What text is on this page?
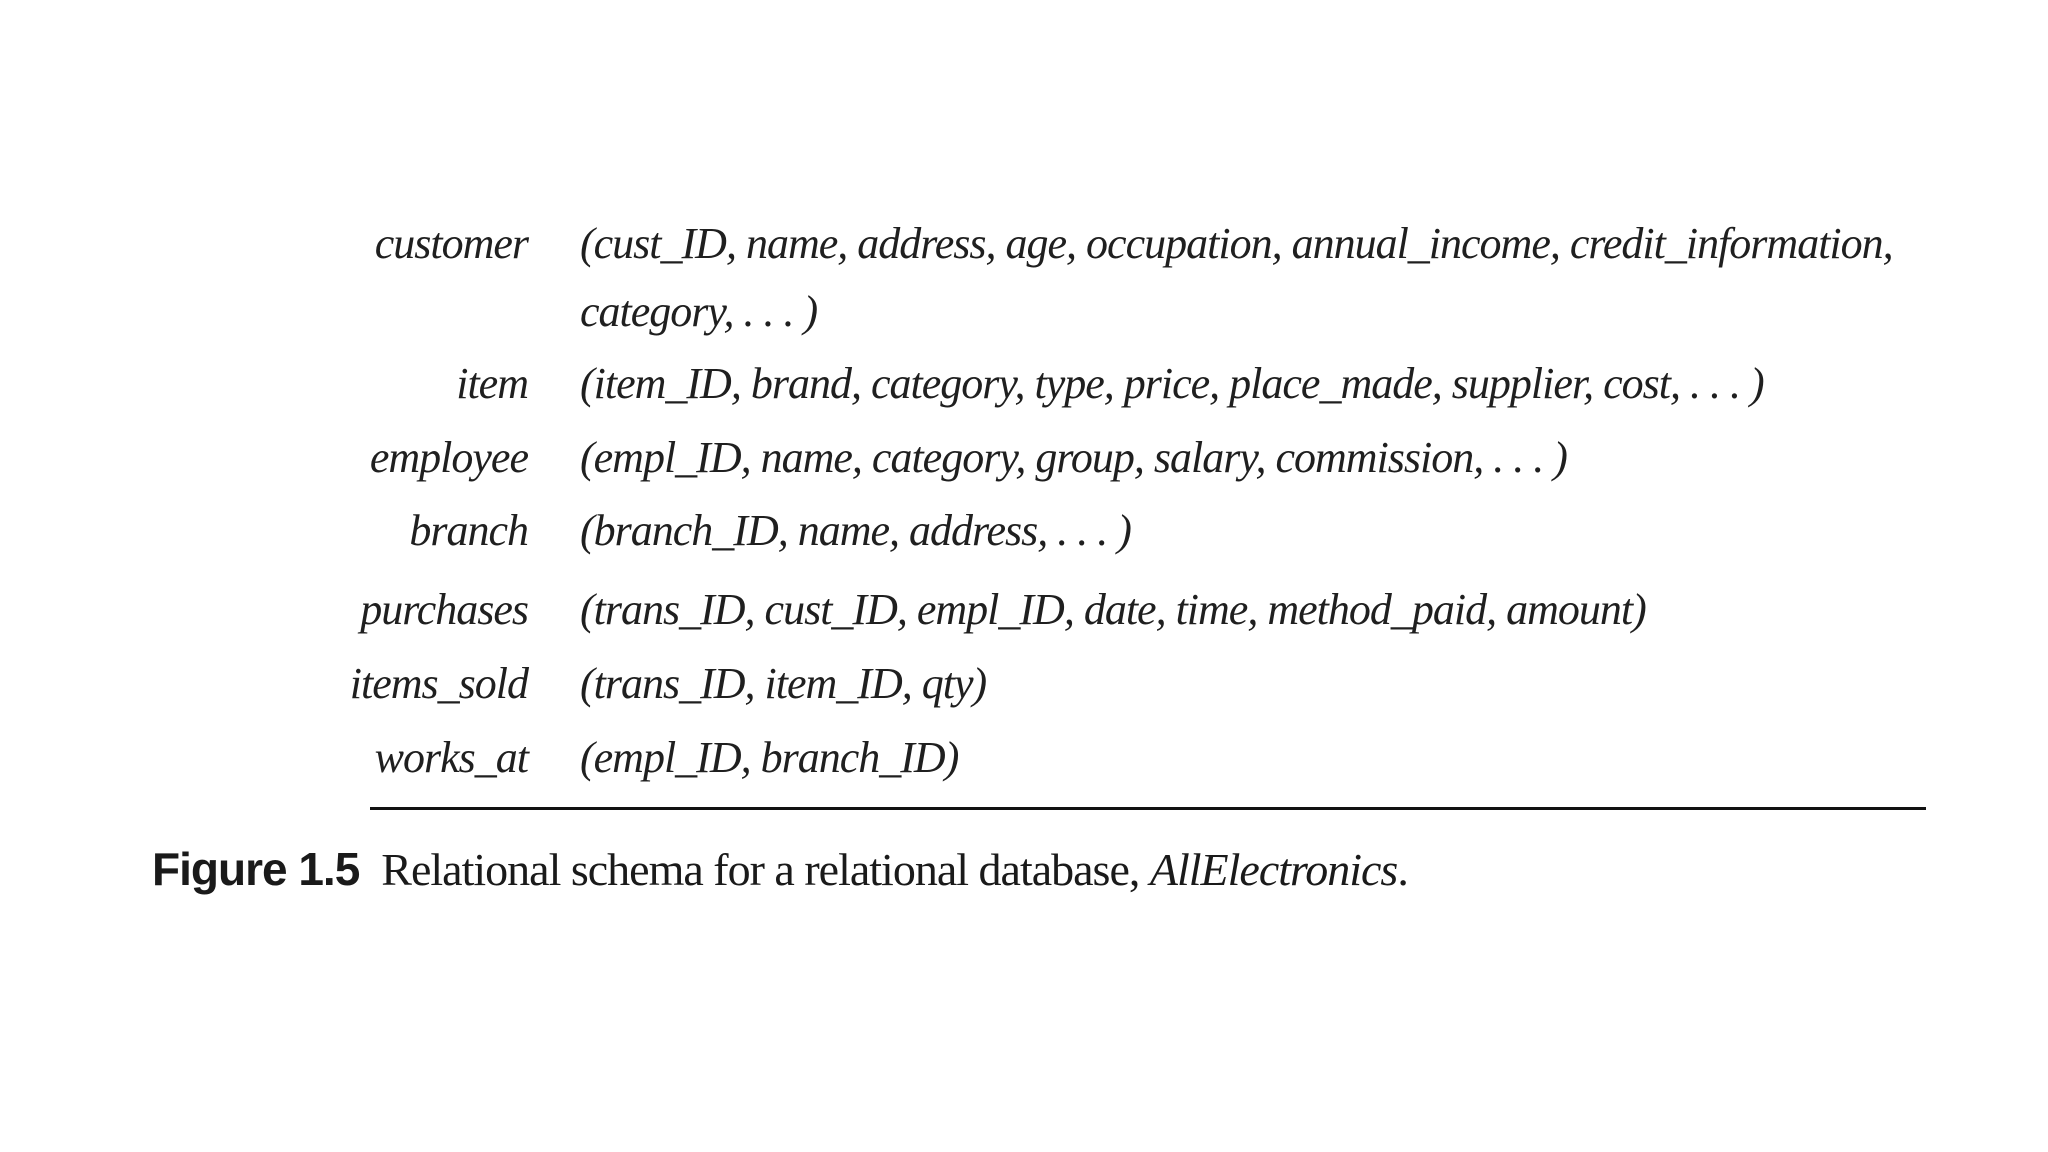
customer (cust_ID, name, address, age, occupation, annual_income, credit_information,
category, . . . )
item (item_ID, brand, category, type, price, place_made, supplier, cost, . . . )
employee (empl_ID, name, category, group, salary, commission, . . . )
branch (branch_ID, name, address, . . . )
purchases (trans_ID, cust_ID, empl_ID, date, time, method_paid, amount)
items_sold (trans_ID, item_ID, qty)
works_at (empl_ID, branch_ID)
Figure 1.5 Relational schema for a relational database, AllElectronics.
